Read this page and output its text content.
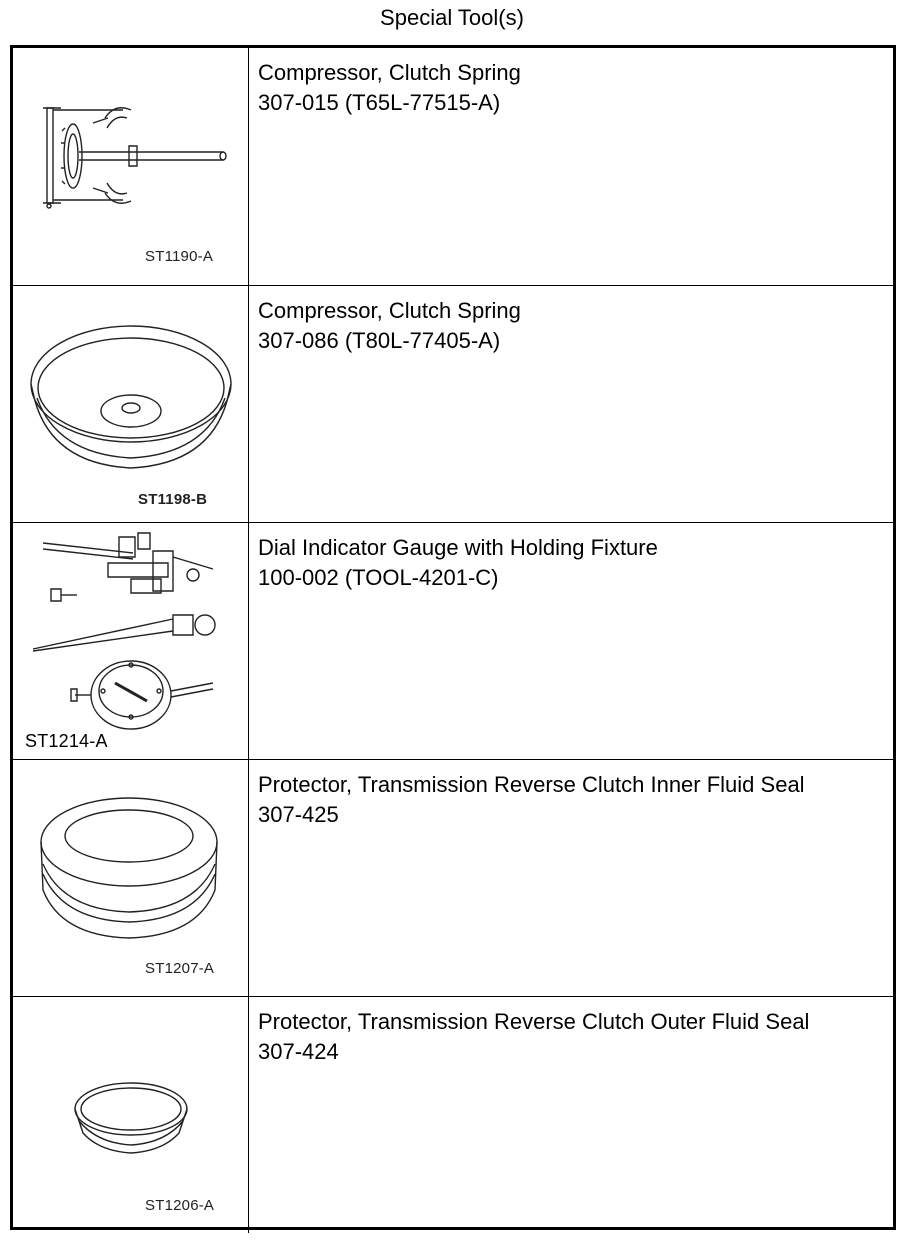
Special Tool(s)
ST1190-A
Compressor, Clutch Spring
307-015 (T65L-77515-A)
ST1198-B
Compressor, Clutch Spring
307-086 (T80L-77405-A)
ST1214-A
Dial Indicator Gauge with Holding Fixture
100-002 (TOOL-4201-C)
ST1207-A
Protector, Transmission Reverse Clutch Inner Fluid Seal
307-425
ST1206-A
Protector, Transmission Reverse Clutch Outer Fluid Seal
307-424
